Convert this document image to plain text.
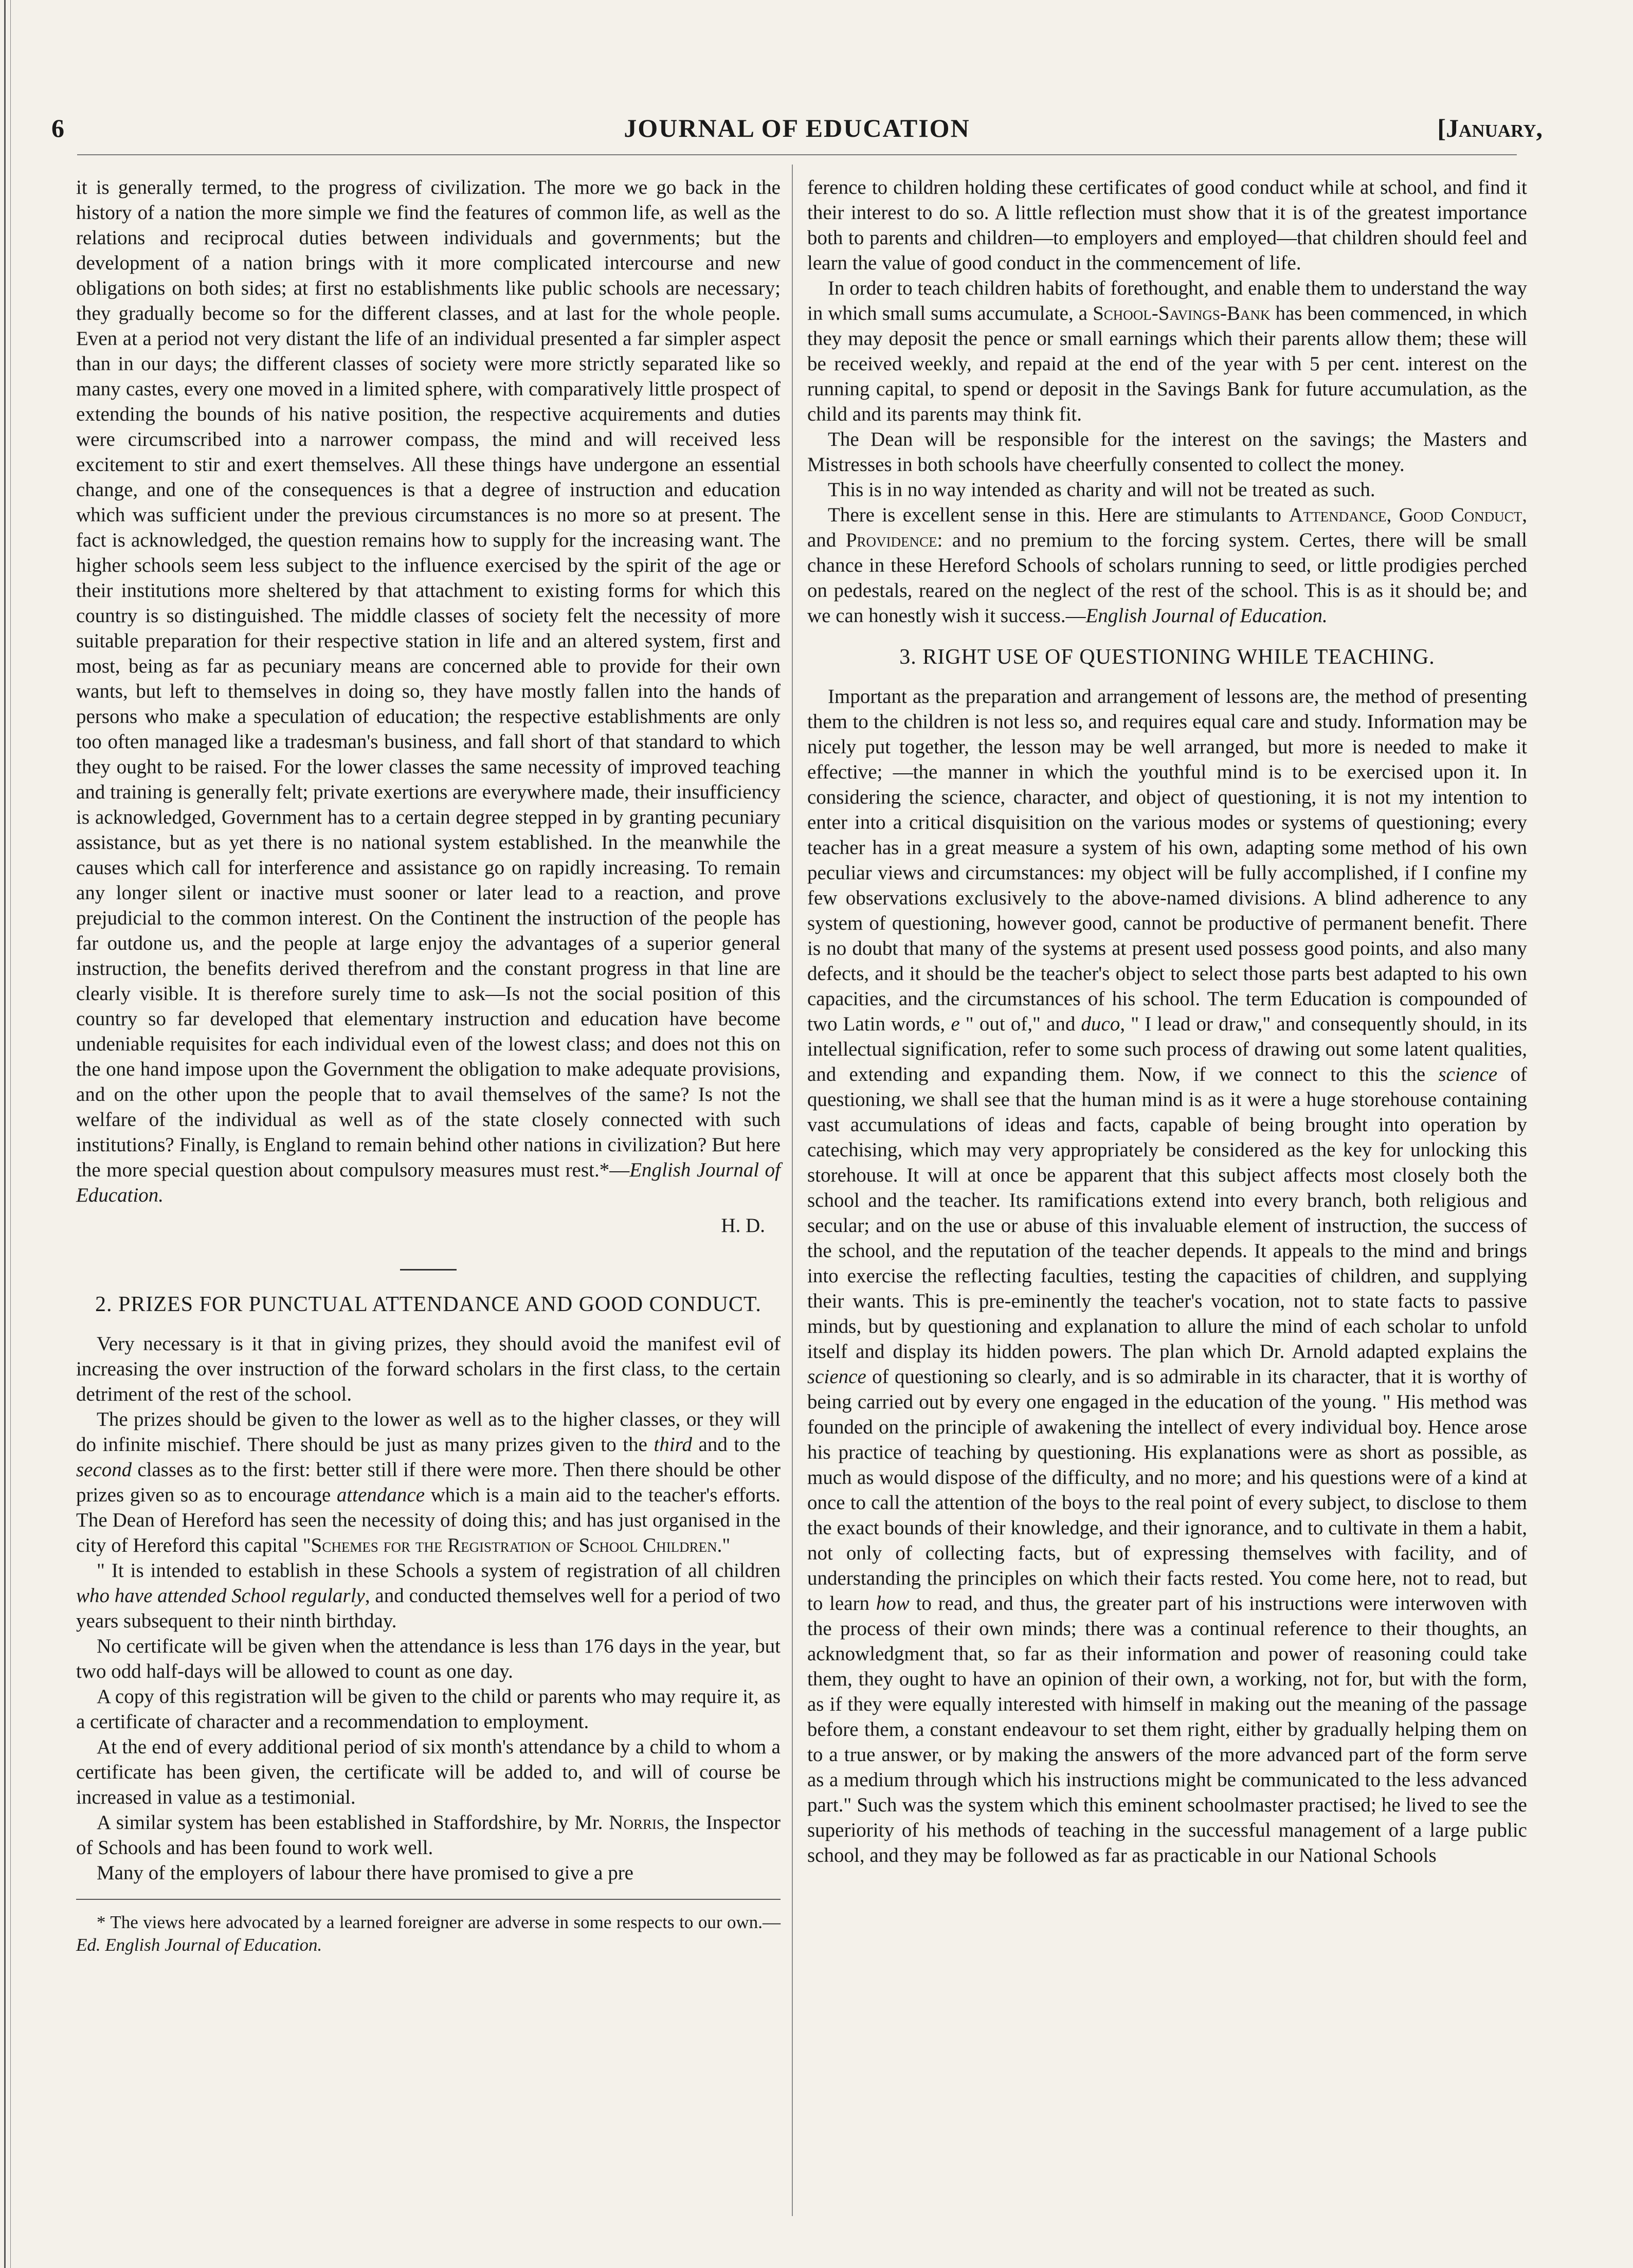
JOURNAL OF EDUCATION
6	[January,

it is generally termed, to the progress of civilization. The more we go back in the history of a nation the more simple we find the features of common life, as well as the relations and reciprocal duties between individuals and governments; but the development of a nation brings with it more complicated intercourse and new obligations on both sides; at first no establishments like public schools are necessary; they gradually become so for the different classes, and at last for the whole people. Even at a period not very distant the life of an individual presented a far simpler aspect than in our days; the different classes of society were more strictly separated like so many castes, every one moved in a limited sphere, with comparatively little prospect of extending the bounds of his native position, the respective acquirements and duties were circumscribed into a narrower compass, the mind and will received less excitement to stir and exert themselves. All these things have undergone an essential change, and one of the consequences is that a degree of instruction and education which was sufficient under the previous circumstances is no more so at present. The fact is acknowledged, the question remains how to supply for the increasing want. The higher schools seem less subject to the influence exercised by the spirit of the age or their institutions more sheltered by that attachment to existing forms for which this country is so distinguished. The middle classes of society felt the necessity of more suitable preparation for their respective station in life and an altered system, first and most, being as far as pecuniary means are concerned able to provide for their own wants, but left to themselves in doing so, they have mostly fallen into the hands of persons who make a speculation of education; the respective establishments are only too often managed like a tradesman's business, and fall short of that standard to which they ought to be raised. For the lower classes the same necessity of improved teaching and training is generally felt; private exertions are everywhere made, their insufficiency is acknowledged, Government has to a certain degree stepped in by granting pecuniary assistance, but as yet there is no national system established. In the meanwhile the causes which call for interference and assistance go on rapidly increasing. To remain any longer silent or inactive must sooner or later lead to a reaction, and prove prejudicial to the common interest. On the Continent the instruction of the people has far outdone us, and the people at large enjoy the advantages of a superior general instruction, the benefits derived therefrom and the constant progress in that line are clearly visible. It is therefore surely time to ask—Is not the social position of this country so far developed that elementary instruction and education have become undeniable requisites for each individual even of the lowest class; and does not this on the one hand impose upon the Government the obligation to make adequate provisions, and on the other upon the people that to avail themselves of the same? Is not the welfare of the individual as well as of the state closely connected with such institutions? Finally, is England to remain behind other nations in civilization? But here the more special question about compulsory measures must rest.*—English Journal of Education.

H. D.
2. PRIZES FOR PUNCTUAL ATTENDANCE AND GOOD CONDUCT.

Very necessary is it that in giving prizes, they should avoid the manifest evil of increasing the over instruction of the forward scholars in the first class, to the certain detriment of the rest of the school.

The prizes should be given to the lower as well as to the higher classes, or they will do infinite mischief. There should be just as many prizes given to the third and to the second classes as to the first: better still if there were more. Then there should be other prizes given so as to encourage attendance which is a main aid to the teacher's efforts. The Dean of Hereford has seen the necessity of doing this; and has just organised in the city of Hereford this capital "Schemes for the Registration of School Children."

" It is intended to establish in these Schools a system of registration of all children who have attended School regularly, and conducted themselves well for a period of two years subsequent to their ninth birthday.

No certificate will be given when the attendance is less than 176 days in the year, but two odd half-days will be allowed to count as one day.

A copy of this registration will be given to the child or parents who may require it, as a certificate of character and a recommendation to employment.

At the end of every additional period of six month's attendance by a child to whom a certificate has been given, the certificate will be added to, and will of course be increased in value as a testimonial.

A similar system has been established in Staffordshire, by Mr. Norris, the Inspector of Schools and has been found to work well.

Many of the employers of labour there have promised to give a pre

* The views here advocated by a learned foreigner are adverse in some respects to our own.—Ed. English Journal of Education.

ference to children holding these certificates of good conduct while at school, and find it their interest to do so. A little reflection must show that it is of the greatest importance both to parents and children—to employers and employed—that children should feel and learn the value of good conduct in the commencement of life.

In order to teach children habits of forethought, and enable them to understand the way in which small sums accumulate, a School-Savings-Bank has been commenced, in which they may deposit the pence or small earnings which their parents allow them; these will be received weekly, and repaid at the end of the year with 5 per cent. interest on the running capital, to spend or deposit in the Savings Bank for future accumulation, as the child and its parents may think fit.

The Dean will be responsible for the interest on the savings; the Masters and Mistresses in both schools have cheerfully consented to collect the money.

This is in no way intended as charity and will not be treated as such.

There is excellent sense in this. Here are stimulants to Attendance, Good Conduct, and Providence: and no premium to the forcing system. Certes, there will be small chance in these Hereford Schools of scholars running to seed, or little prodigies perched on pedestals, reared on the neglect of the rest of the school. This is as it should be; and we can honestly wish it success.—English Journal of Education.

3. RIGHT USE OF QUESTIONING WHILE TEACHING.

Important as the preparation and arrangement of lessons are, the method of presenting them to the children is not less so, and requires equal care and study. Information may be nicely put together, the lesson may be well arranged, but more is needed to make it effective; —the manner in which the youthful mind is to be exercised upon it. In considering the science, character, and object of questioning, it is not my intention to enter into a critical disquisition on the various modes or systems of questioning; every teacher has in a great measure a system of his own, adapting some method of his own peculiar views and circumstances: my object will be fully accomplished, if I confine my few observations exclusively to the above-named divisions. A blind adherence to any system of questioning, however good, cannot be productive of permanent benefit. There is no doubt that many of the systems at present used possess good points, and also many defects, and it should be the teacher's object to select those parts best adapted to his own capacities, and the circumstances of his school. The term Education is compounded of two Latin words, e " out of," and duco, " I lead or draw," and consequently should, in its intellectual signification, refer to some such process of drawing out some latent qualities, and extending and expanding them. Now, if we connect to this the science of questioning, we shall see that the human mind is as it were a huge storehouse containing vast accumulations of ideas and facts, capable of being brought into operation by catechising, which may very appropriately be considered as the key for unlocking this storehouse. It will at once be apparent that this subject affects most closely both the school and the teacher. Its ramifications extend into every branch, both religious and secular; and on the use or abuse of this invaluable element of instruction, the success of the school, and the reputation of the teacher depends. It appeals to the mind and brings into exercise the reflecting faculties, testing the capacities of children, and supplying their wants. This is pre-eminently the teacher's vocation, not to state facts to passive minds, but by questioning and explanation to allure the mind of each scholar to unfold itself and display its hidden powers. The plan which Dr. Arnold adapted explains the science of questioning so clearly, and is so admirable in its character, that it is worthy of being carried out by every one engaged in the education of the young. " His method was founded on the principle of awakening the intellect of every individual boy. Hence arose his practice of teaching by questioning. His explanations were as short as possible, as much as would dispose of the difficulty, and no more; and his questions were of a kind at once to call the attention of the boys to the real point of every subject, to disclose to them the exact bounds of their knowledge, and their ignorance, and to cultivate in them a habit, not only of collecting facts, but of expressing themselves with facility, and of understanding the principles on which their facts rested. You come here, not to read, but to learn how to read, and thus, the greater part of his instructions were interwoven with the process of their own minds; there was a continual reference to their thoughts, an acknowledgment that, so far as their information and power of reasoning could take them, they ought to have an opinion of their own, a working, not for, but with the form, as if they were equally interested with himself in making out the meaning of the passage before them, a constant endeavour to set them right, either by gradually helping them on to a true answer, or by making the answers of the more advanced part of the form serve as a medium through which his instructions might be communicated to the less advanced part." Such was the system which this eminent schoolmaster practised; he lived to see the superiority of his methods of teaching in the successful management of a large public school, and they may be followed as far as practicable in our National Schools
